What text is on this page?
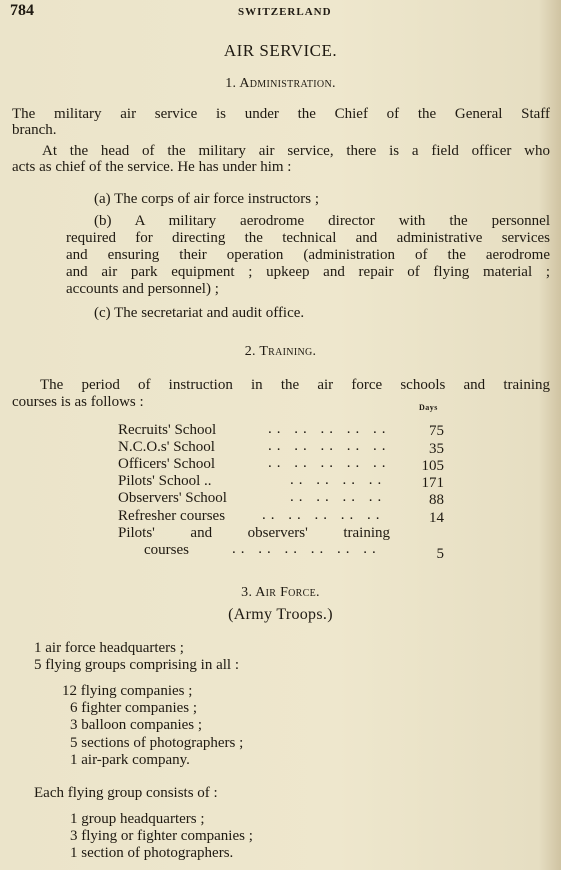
784	SWITZERLAND
AIR SERVICE.
1. Administration.
The military air service is under the Chief of the General Staff
branch.
At the head of the military air service, there is a field officer who
acts as chief of the service. He has under him :
(a) The corps of air force instructors ;
(b) A military aerodrome director with the personnel
required for directing the technical and administrative services
and ensuring their operation (administration of the aerodrome
and air park equipment ; upkeep and repair of flying material ;
accounts and personnel) ;
(c) The secretariat and audit office.
2. Training.
The period of instruction in the air force schools and training
courses is as follows :	Days
Recruits' School	.. .. .. .. ..	75
N.C.O.s' School	.. .. .. .. ..	35
Officers' School	.. .. .. .. ..	105
Pilots' School ..	.. .. .. ..	171
Observers' School	.. .. .. ..	88
Refresher courses .. .. .. .. ..	14
Pilots' and observers' training
courses	.. .. .. .. .. ..	5
3. Air Force.
(Army Troops.)
1 air force headquarters ;
5 flying groups comprising in all :
12 flying companies ;
6 fighter companies ;
3 balloon companies ;
5 sections of photographers ;
1 air-park company.
Each flying group consists of :
1 group headquarters ;
3 flying or fighter companies ;
1 section of photographers.
